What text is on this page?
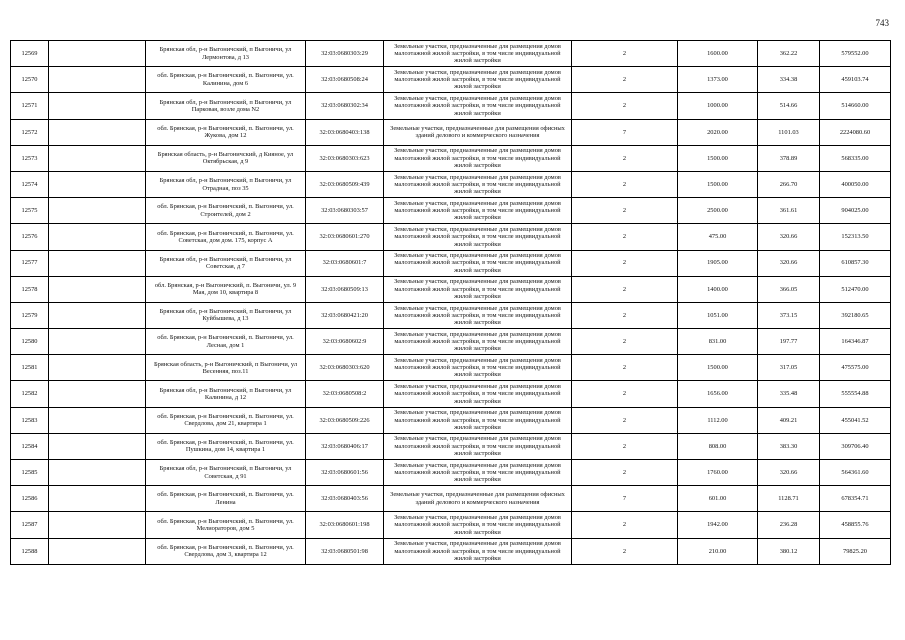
743
12569		Брянская обл, р-н Выгоничский, п Выгоничи, ул Лермонтова, д 13	32:03:0680303:29	Земельные участки, предназначенные для размещения домов малоэтажной жилой застройки, в том числе индивидуальной жилой застройки	2	1600.00	362.22	579552.00
12570		обл. Брянская, р-н Выгоничский, п. Выгоничи, ул. Калинина, дом 6	32:03:0680508:24	Земельные участки, предназначенные для размещения домов малоэтажной жилой застройки, в том числе индивидуальной жилой застройки	2	1373.00	334.38	459103.74
12571		Брянская обл, р-н Выгоничский, п Выгоничи, ул Парковая, возле дома N2	32:03:0680302:34	Земельные участки, предназначенные для размещения домов малоэтажной жилой застройки, в том числе индивидуальной жилой застройки	2	1000.00	514.66	514660.00
12572		обл. Брянская, р-н Выгоничский, п. Выгоничи, ул. Жукова, дом 12	32:03:0680403:138	Земельные участки, предназначенные для размещения офисных зданий делового и коммерческого назначения	7	2020.00	1101.03	2224080.60
12573		Брянская область, р-н Выгоничский, д Кияное, ул Октябрьская, д 9	32:03:0680303:623	Земельные участки, предназначенные для размещения домов малоэтажной жилой застройки, в том числе индивидуальной жилой застройки	2	1500.00	378.89	568335.00
12574		Брянская обл, р-н Выгоничский, п Выгоничи, ул Отрадная, поз 35	32:03:0680509:439	Земельные участки, предназначенные для размещения домов малоэтажной жилой застройки, в том числе индивидуальной жилой застройки	2	1500.00	266.70	400050.00
12575		обл. Брянская, р-н Выгоничский, п. Выгоничи, ул. Строителей, дом 2	32:03:0680303:57	Земельные участки, предназначенные для размещения домов малоэтажной жилой застройки, в том числе индивидуальной жилой застройки	2	2500.00	361.61	904025.00
12576		обл. Брянская, р-н Выгоничский, п. Выгоничи, ул. Советская, дом дом. 175, корпус А	32:03:0680601:270	Земельные участки, предназначенные для размещения домов малоэтажной жилой застройки, в том числе индивидуальной жилой застройки	2	475.00	320.66	152313.50
12577		Брянская обл, р-н Выгоничский, п Выгоничи, ул Советская, д 7	32:03:0680601:7	Земельные участки, предназначенные для размещения домов малоэтажной жилой застройки, в том числе индивидуальной жилой застройки	2	1905.00	320.66	610857.30
12578		обл. Брянская, р-н Выгоничский, п. Выгоничи, ул. 9 Мая, дом 10, квартира 8	32:03:0680509:13	Земельные участки, предназначенные для размещения домов малоэтажной жилой застройки, в том числе индивидуальной жилой застройки	2	1400.00	366.05	512470.00
12579		Брянская обл, р-н Выгоничский, п Выгоничи, ул Куйбышева, д 13	32:03:0680421:20	Земельные участки, предназначенные для размещения домов малоэтажной жилой застройки, в том числе индивидуальной жилой застройки	2	1051.00	373.15	392180.65
12580		обл. Брянская, р-н Выгоничский, п. Выгоничи, ул. Лесная, дом 1	32:03:0680602:9	Земельные участки, предназначенные для размещения домов малоэтажной жилой застройки, в том числе индивидуальной жилой застройки	2	831.00	197.77	164346.87
12581		Брянская область, р-н Выгоничский, п Выгоничи, ул Весенняя, поз.11	32:03:0680303:620	Земельные участки, предназначенные для размещения домов малоэтажной жилой застройки, в том числе индивидуальной жилой застройки	2	1500.00	317.05	475575.00
12582		Брянская обл, р-н Выгоничский, п Выгоничи, ул Калинина, д 12	32:03:0680508:2	Земельные участки, предназначенные для размещения домов малоэтажной жилой застройки, в том числе индивидуальной жилой застройки	2	1656.00	335.48	555554.88
12583		обл. Брянская, р-н Выгоничский, п. Выгоничи, ул. Свердлова, дом 21, квартира 1	32:03:0680509:226	Земельные участки, предназначенные для размещения домов малоэтажной жилой застройки, в том числе индивидуальной жилой застройки	2	1112.00	409.21	455041.52
12584		обл. Брянская, р-н Выгоничский, п. Выгоничи, ул. Пушкина, дом 14, квартира 1	32:03:0680406:17	Земельные участки, предназначенные для размещения домов малоэтажной жилой застройки, в том числе индивидуальной жилой застройки	2	808.00	383.30	309706.40
12585		Брянская обл, р-н Выгоничский, п Выгоничи, ул Советская, д 91	32:03:0680601:56	Земельные участки, предназначенные для размещения домов малоэтажной жилой застройки, в том числе индивидуальной жилой застройки	2	1760.00	320.66	564361.60
12586		обл. Брянская, р-н Выгоничский, п. Выгоничи, ул. Ленина	32:03:0680403:56	Земельные участки, предназначенные для размещения офисных зданий делового и коммерческого назначения	7	601.00	1128.71	678354.71
12587		обл. Брянская, р-н Выгоничский, п. Выгоничи, ул. Мелиораторов, дом 5	32:03:0680601:198	Земельные участки, предназначенные для размещения домов малоэтажной жилой застройки, в том числе индивидуальной жилой застройки	2	1942.00	236.28	458855.76
12588		обл. Брянская, р-н Выгоничский, п. Выгоничи, ул. Свердлова, дом 3, квартира 12	32:03:0680501:98	Земельные участки, предназначенные для размещения домов малоэтажной жилой застройки, в том числе индивидуальной жилой застройки	2	210.00	380.12	79825.20
